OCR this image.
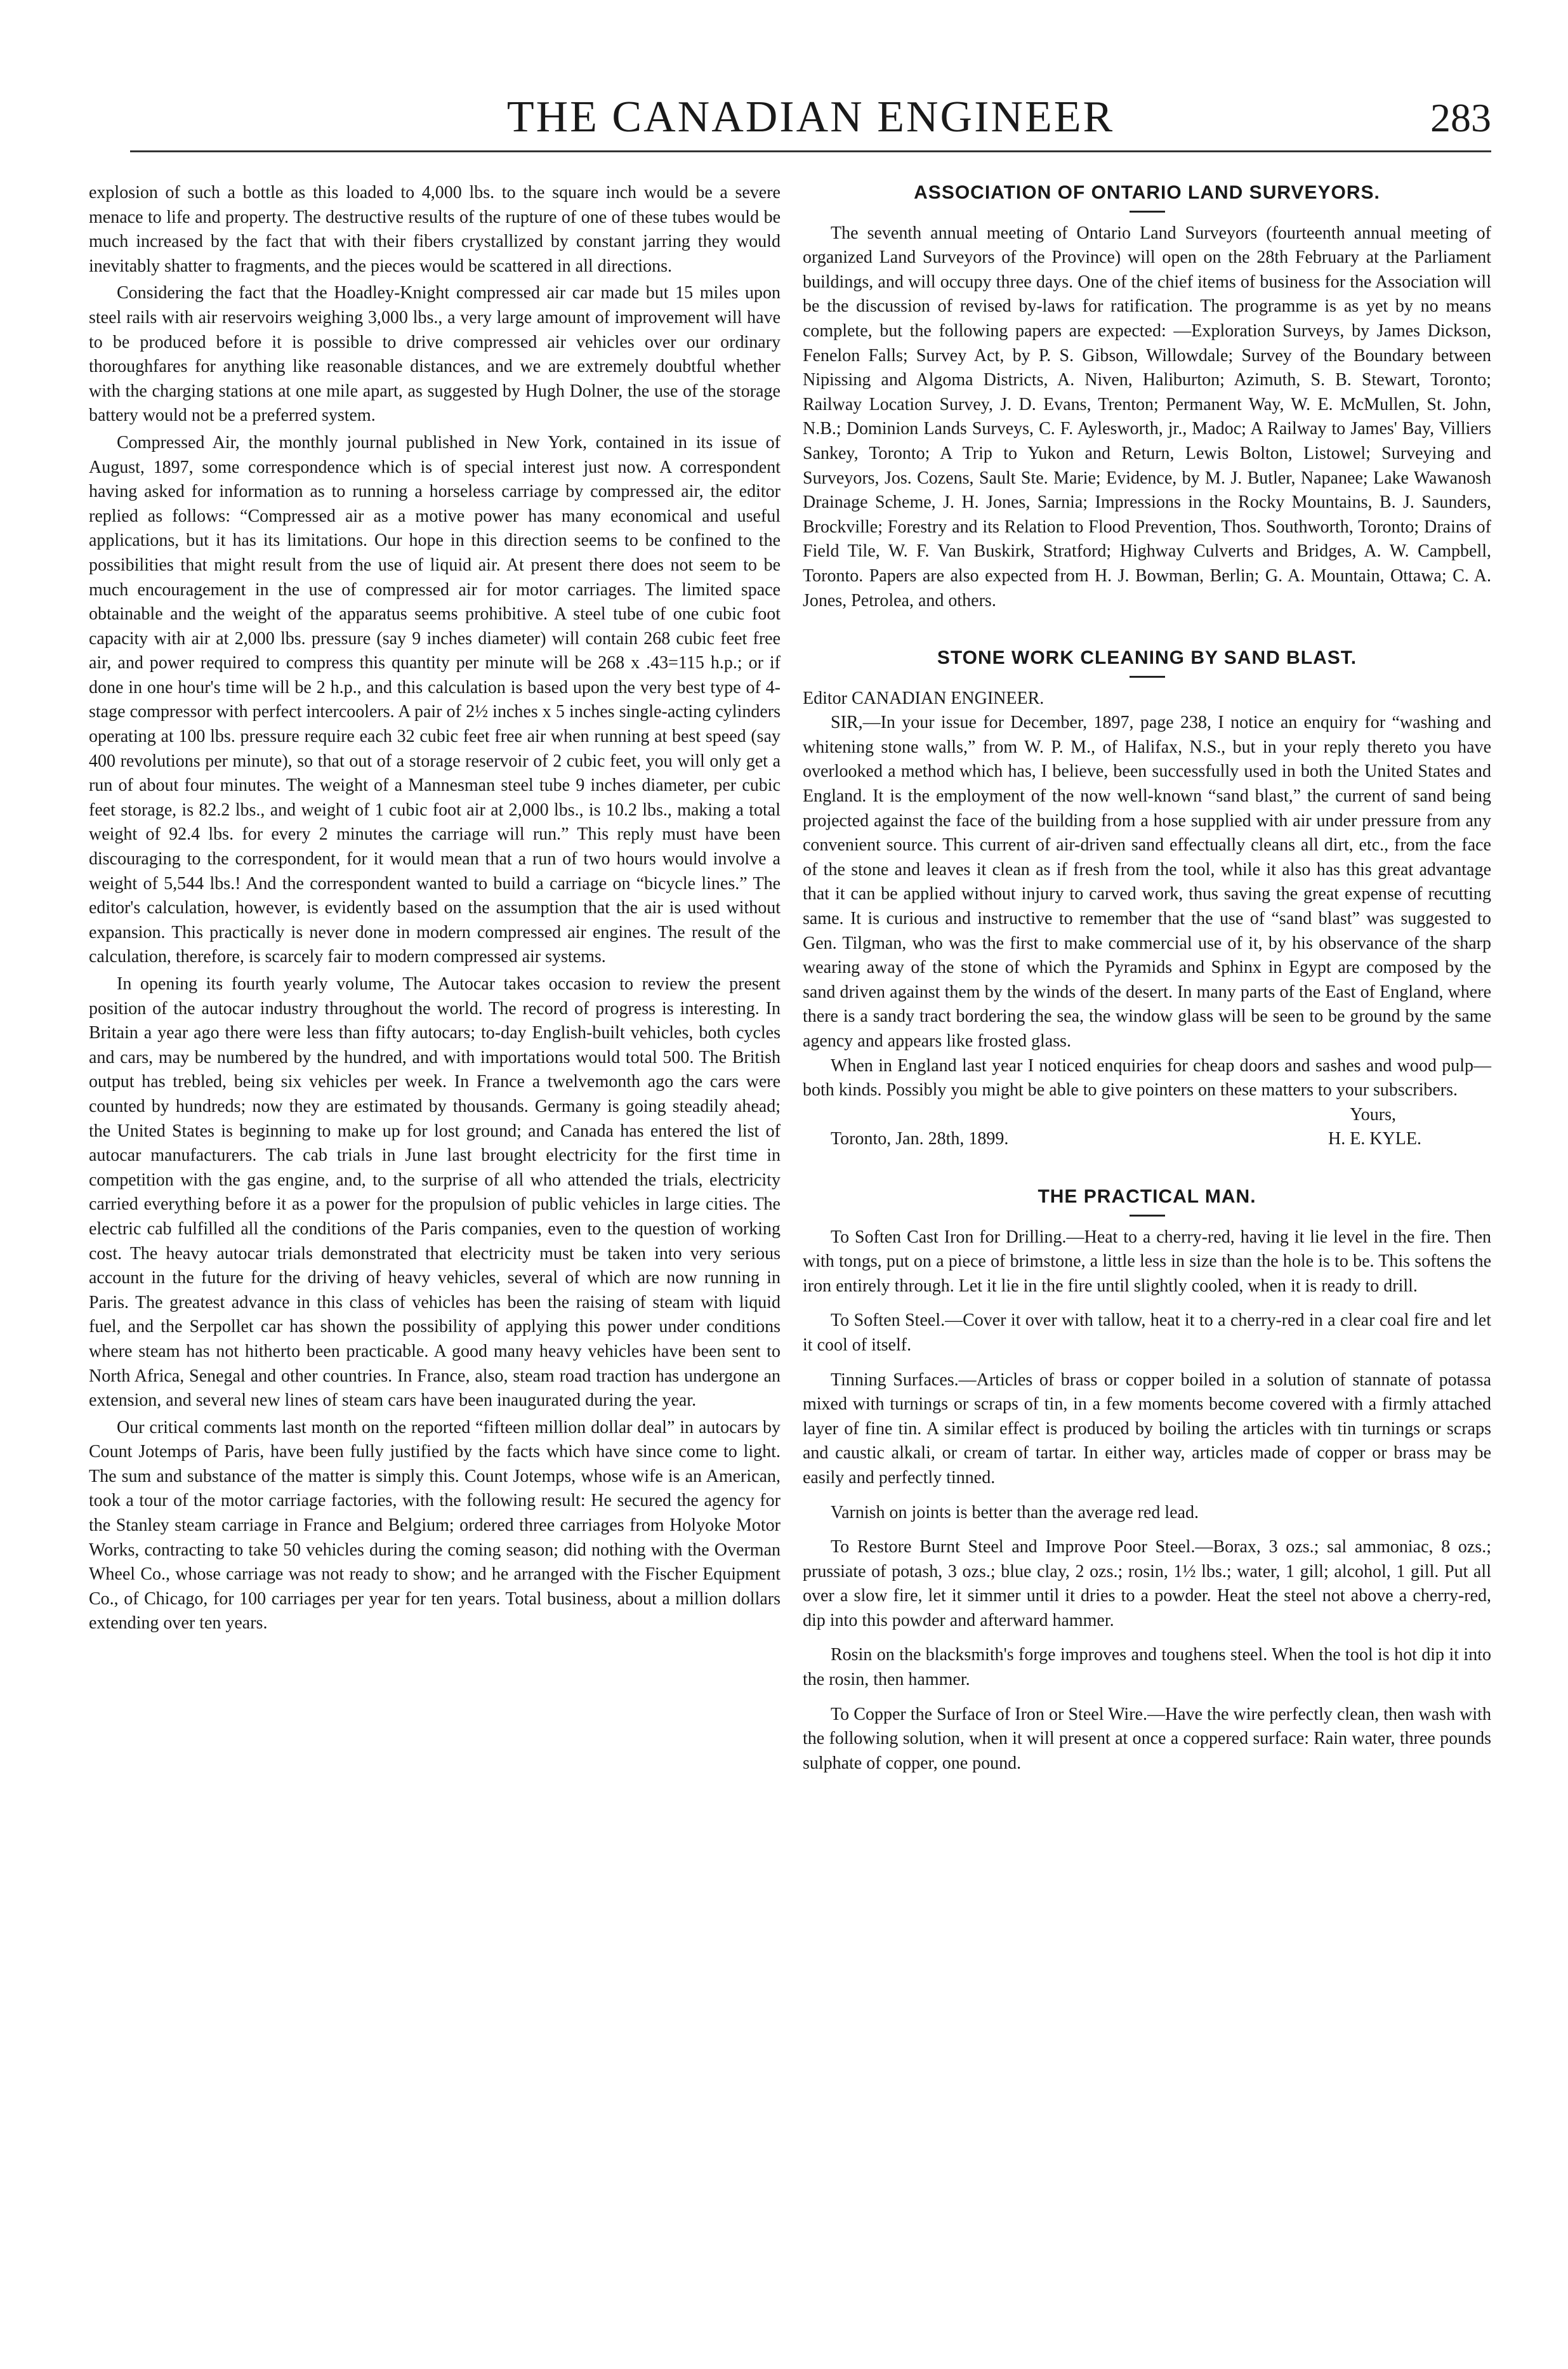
THE CANADIAN ENGINEER	283

explosion of such a bottle as this loaded to 4,000 lbs. to the square inch would be a severe menace to life and property. The destructive results of the rupture of one of these tubes would be much increased by the fact that with their fibers crystallized by constant jarring they would inevitably shatter to fragments, and the pieces would be scattered in all directions.

Considering the fact that the Hoadley-Knight compressed air car made but 15 miles upon steel rails with air reservoirs weighing 3,000 lbs., a very large amount of improvement will have to be produced before it is possible to drive compressed air vehicles over our ordinary thoroughfares for anything like reasonable distances, and we are extremely doubtful whether with the charging stations at one mile apart, as suggested by Hugh Dolner, the use of the storage battery would not be a preferred system.

Compressed Air, the monthly journal published in New York, contained in its issue of August, 1897, some correspondence which is of special interest just now. A correspondent having asked for information as to running a horseless carriage by compressed air, the editor replied as follows: “Compressed air as a motive power has many economical and useful applications, but it has its limitations. Our hope in this direction seems to be confined to the possibilities that might result from the use of liquid air. At present there does not seem to be much encouragement in the use of compressed air for motor carriages. The limited space obtainable and the weight of the apparatus seems prohibitive. A steel tube of one cubic foot capacity with air at 2,000 lbs. pressure (say 9 inches diameter) will contain 268 cubic feet free air, and power required to compress this quantity per minute will be 268 x .43=115 h.p.; or if done in one hour's time will be 2 h.p., and this calculation is based upon the very best type of 4-stage compressor with perfect intercoolers. A pair of 2½ inches x 5 inches single-acting cylinders operating at 100 lbs. pressure require each 32 cubic feet free air when running at best speed (say 400 revolutions per minute), so that out of a storage reservoir of 2 cubic feet, you will only get a run of about four minutes. The weight of a Mannesman steel tube 9 inches diameter, per cubic feet storage, is 82.2 lbs., and weight of 1 cubic foot air at 2,000 lbs., is 10.2 lbs., making a total weight of 92.4 lbs. for every 2 minutes the carriage will run.” This reply must have been discouraging to the correspondent, for it would mean that a run of two hours would involve a weight of 5,544 lbs.! And the correspondent wanted to build a carriage on “bicycle lines.” The editor's calculation, however, is evidently based on the assumption that the air is used without expansion. This practically is never done in modern compressed air engines. The result of the calculation, therefore, is scarcely fair to modern compressed air systems.

In opening its fourth yearly volume, The Autocar takes occasion to review the present position of the autocar industry throughout the world. The record of progress is interesting. In Britain a year ago there were less than fifty autocars; to-day English-built vehicles, both cycles and cars, may be numbered by the hundred, and with importations would total 500. The British output has trebled, being six vehicles per week. In France a twelvemonth ago the cars were counted by hundreds; now they are estimated by thousands. Germany is going steadily ahead; the United States is beginning to make up for lost ground; and Canada has entered the list of autocar manufacturers. The cab trials in June last brought electricity for the first time in competition with the gas engine, and, to the surprise of all who attended the trials, electricity carried everything before it as a power for the propulsion of public vehicles in large cities. The electric cab fulfilled all the conditions of the Paris companies, even to the question of working cost. The heavy autocar trials demonstrated that electricity must be taken into very serious account in the future for the driving of heavy vehicles, several of which are now running in Paris. The greatest advance in this class of vehicles has been the raising of steam with liquid fuel, and the Serpollet car has shown the possibility of applying this power under conditions where steam has not hitherto been practicable. A good many heavy vehicles have been sent to North Africa, Senegal and other countries. In France, also, steam road traction has undergone an extension, and several new lines of steam cars have been inaugurated during the year.

Our critical comments last month on the reported “fifteen million dollar deal” in autocars by Count Jotemps of Paris, have been fully justified by the facts which have since come to light. The sum and substance of the matter is simply this. Count Jotemps, whose wife is an American, took a tour of the motor carriage factories, with the following result: He secured the agency for the Stanley steam carriage in France and Belgium; ordered three carriages from Holyoke Motor Works, contracting to take 50 vehicles during the coming season; did nothing with the Overman Wheel Co., whose carriage was not ready to show; and he arranged with the Fischer Equipment Co., of Chicago, for 100 carriages per year for ten years. Total business, about a million dollars extending over ten years.

ASSOCIATION OF ONTARIO LAND SURVEYORS.

The seventh annual meeting of Ontario Land Surveyors (fourteenth annual meeting of organized Land Surveyors of the Province) will open on the 28th February at the Parliament buildings, and will occupy three days. One of the chief items of business for the Association will be the discussion of revised by-laws for ratification. The programme is as yet by no means complete, but the following papers are expected: —Exploration Surveys, by James Dickson, Fenelon Falls; Survey Act, by P. S. Gibson, Willowdale; Survey of the Boundary between Nipissing and Algoma Districts, A. Niven, Haliburton; Azimuth, S. B. Stewart, Toronto; Railway Location Survey, J. D. Evans, Trenton; Permanent Way, W. E. McMullen, St. John, N.B.; Dominion Lands Surveys, C. F. Aylesworth, jr., Madoc; A Railway to James' Bay, Villiers Sankey, Toronto; A Trip to Yukon and Return, Lewis Bolton, Listowel; Surveying and Surveyors, Jos. Cozens, Sault Ste. Marie; Evidence, by M. J. Butler, Napanee; Lake Wawanosh Drainage Scheme, J. H. Jones, Sarnia; Impressions in the Rocky Mountains, B. J. Saunders, Brockville; Forestry and its Relation to Flood Prevention, Thos. Southworth, Toronto; Drains of Field Tile, W. F. Van Buskirk, Stratford; Highway Culverts and Bridges, A. W. Campbell, Toronto. Papers are also expected from H. J. Bowman, Berlin; G. A. Mountain, Ottawa; C. A. Jones, Petrolea, and others.

STONE WORK CLEANING BY SAND BLAST.

Editor CANADIAN ENGINEER.

SIR,—In your issue for December, 1897, page 238, I notice an enquiry for “washing and whitening stone walls,” from W. P. M., of Halifax, N.S., but in your reply thereto you have overlooked a method which has, I believe, been successfully used in both the United States and England. It is the employment of the now well-known “sand blast,” the current of sand being projected against the face of the building from a hose supplied with air under pressure from any convenient source. This current of air-driven sand effectually cleans all dirt, etc., from the face of the stone and leaves it clean as if fresh from the tool, while it also has this great advantage that it can be applied without injury to carved work, thus saving the great expense of recutting same. It is curious and instructive to remember that the use of “sand blast” was suggested to Gen. Tilgman, who was the first to make commercial use of it, by his observance of the sharp wearing away of the stone of which the Pyramids and Sphinx in Egypt are composed by the sand driven against them by the winds of the desert. In many parts of the East of England, where there is a sandy tract bordering the sea, the window glass will be seen to be ground by the same agency and appears like frosted glass.

When in England last year I noticed enquiries for cheap doors and sashes and wood pulp—both kinds. Possibly you might be able to give pointers on these matters to your subscribers.

Yours,

Toronto, Jan. 28th, 1899.	H. E. KYLE.

THE PRACTICAL MAN.

To Soften Cast Iron for Drilling.—Heat to a cherry-red, having it lie level in the fire. Then with tongs, put on a piece of brimstone, a little less in size than the hole is to be. This softens the iron entirely through. Let it lie in the fire until slightly cooled, when it is ready to drill.

To Soften Steel.—Cover it over with tallow, heat it to a cherry-red in a clear coal fire and let it cool of itself.

Tinning Surfaces.—Articles of brass or copper boiled in a solution of stannate of potassa mixed with turnings or scraps of tin, in a few moments become covered with a firmly attached layer of fine tin. A similar effect is produced by boiling the articles with tin turnings or scraps and caustic alkali, or cream of tartar. In either way, articles made of copper or brass may be easily and perfectly tinned.

Varnish on joints is better than the average red lead.

To Restore Burnt Steel and Improve Poor Steel.—Borax, 3 ozs.; sal ammoniac, 8 ozs.; prussiate of potash, 3 ozs.; blue clay, 2 ozs.; rosin, 1½ lbs.; water, 1 gill; alcohol, 1 gill. Put all over a slow fire, let it simmer until it dries to a powder. Heat the steel not above a cherry-red, dip into this powder and afterward hammer.

Rosin on the blacksmith's forge improves and toughens steel. When the tool is hot dip it into the rosin, then hammer.

To Copper the Surface of Iron or Steel Wire.—Have the wire perfectly clean, then wash with the following solution, when it will present at once a coppered surface: Rain water, three pounds sulphate of copper, one pound.
